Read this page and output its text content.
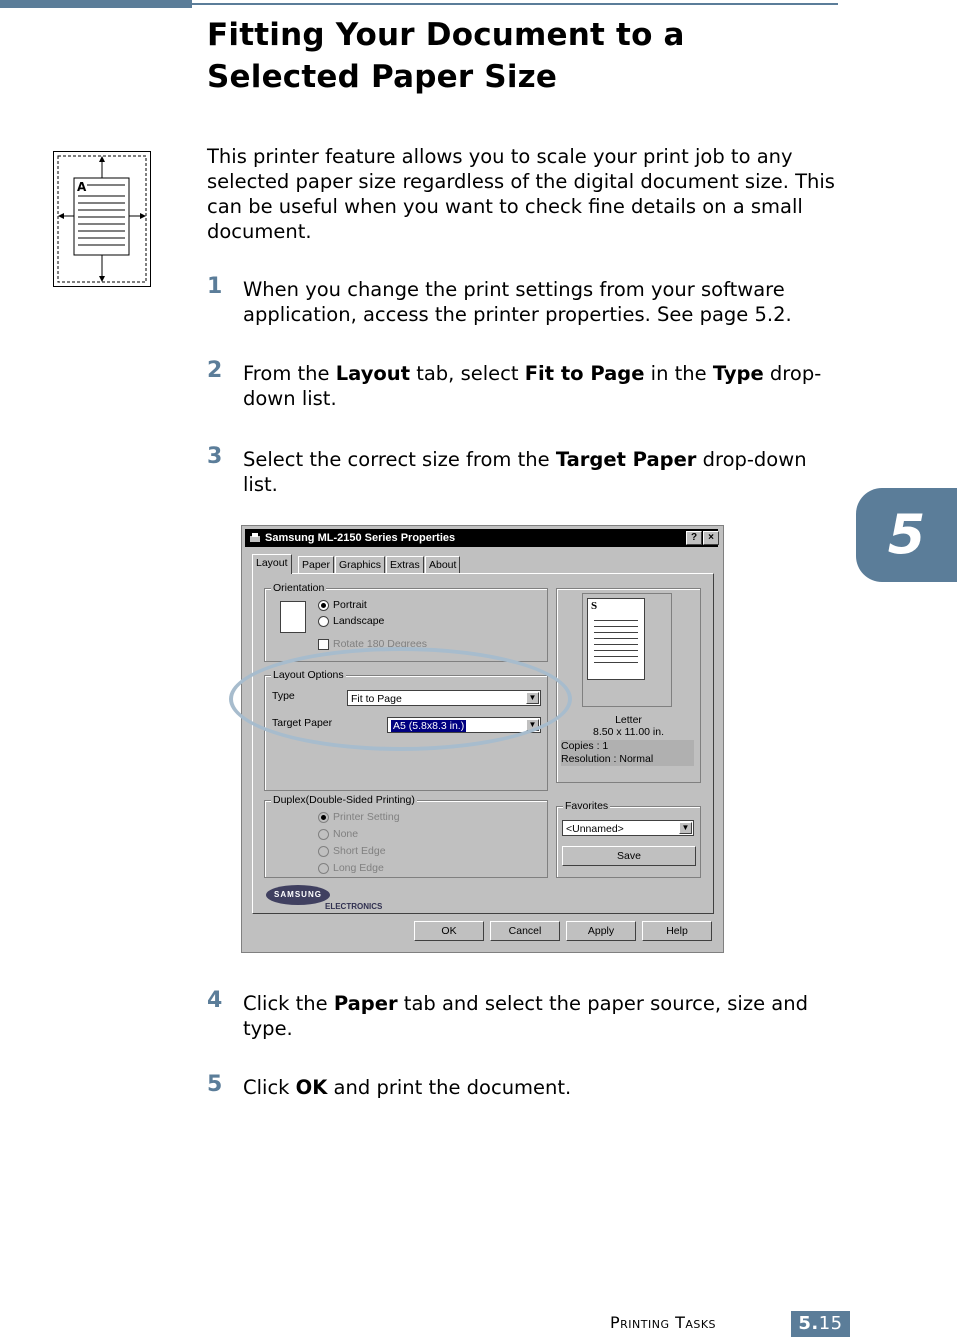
Fitting Your Document to a Selected Paper Size
A

This printer feature allows you to scale your print job to any selected paper size regardless of the digital document size. This can be useful when you want to check fine details on a small document.

1 When you change the print settings from your software application, access the printer properties. See page 5.2.
2 From the Layout tab, select Fit to Page in the Type drop-down list.
3 Select the correct size from the Target Paper drop-down list.
Samsung ML-2150 Series Properties	?	×
Layout	Paper Graphics Extras About
Orientation
Portrait
Landscape
Rotate 180 Degrees
Layout Options
Type	Fit to Page	▼
Target Paper	A5 (5.8x8.3 in.)	▼
Duplex(Double-Sided Printing)
Printer Setting
None
Short Edge
Long Edge
S
Letter
8.50 x 11.00 in.
Copies : 1
Resolution : Normal
Favorites
<Unnamed>	▼
Save
SAMSUNG
ELECTRONICS
OK	Cancel	Apply	Help
4 Click the Paper tab and select the paper source, size and type.
5 Click OK and print the document.
5
Printing Tasks	5.15
